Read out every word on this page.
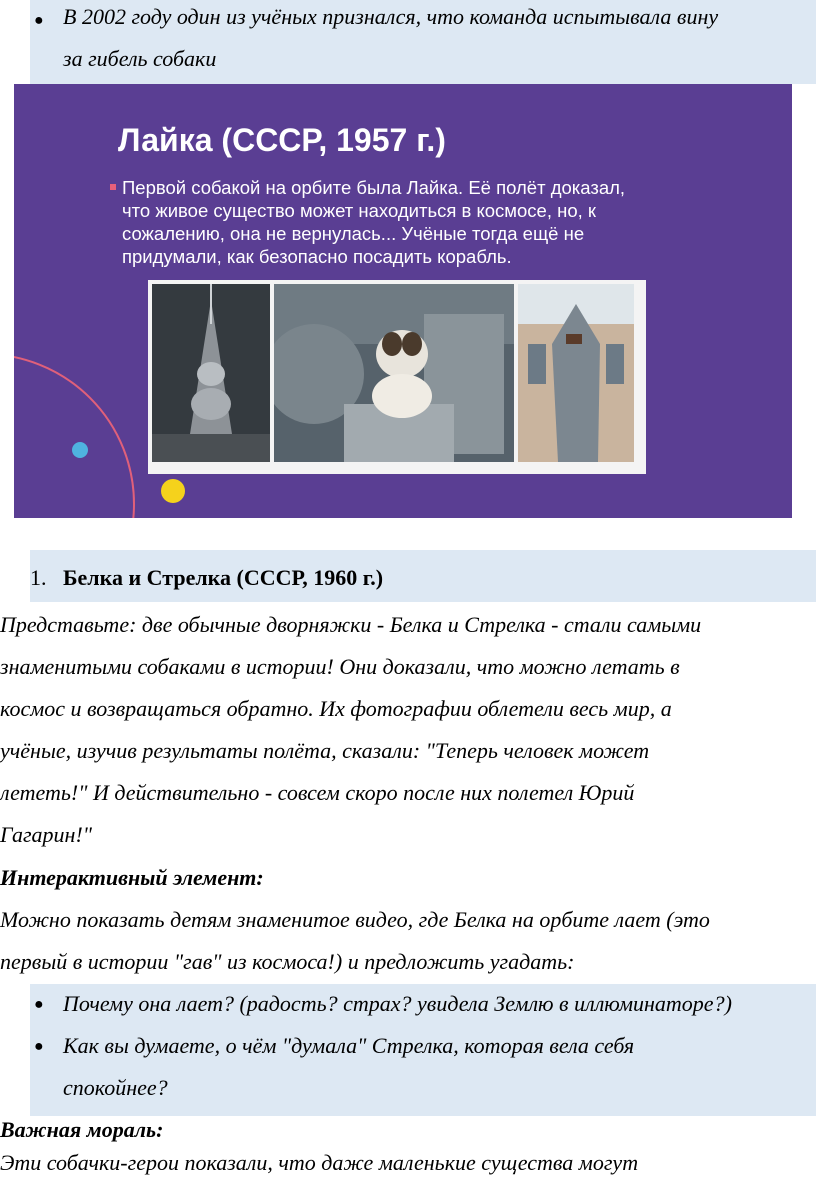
● В 2002 году один из учёных признался, что команда испытывала вину
за гибель собаки
Лайка (СССР, 1957 г.)
Первой собакой на орбите была Лайка. Её полёт доказал,
что живое существо может находиться в космосе, но, к
сожалению, она не вернулась... Учёные тогда ещё не
придумали, как безопасно посадить корабль.
1. Белка и Стрелка (СССР, 1960 г.)
Представьте: две обычные дворняжки - Белка и Стрелка - стали самыми
знаменитыми собаками в истории! Они доказали, что можно летать в
космос и возвращаться обратно. Их фотографии облетели весь мир, а
учёные, изучив результаты полёта, сказали: "Теперь человек может
лететь!" И действительно - совсем скоро после них полетел Юрий
Гагарин!"
Интерактивный элемент:
Можно показать детям знаменитое видео, где Белка на орбите лает (это
первый в истории "гав" из космоса!) и предложить угадать:
● Почему она лает? (радость? страх? увидела Землю в иллюминаторе?)
● Как вы думаете, о чём "думала" Стрелка, которая вела себя
спокойнее?
Важная мораль:
Эти собачки-герои показали, что даже маленькие существа могут
